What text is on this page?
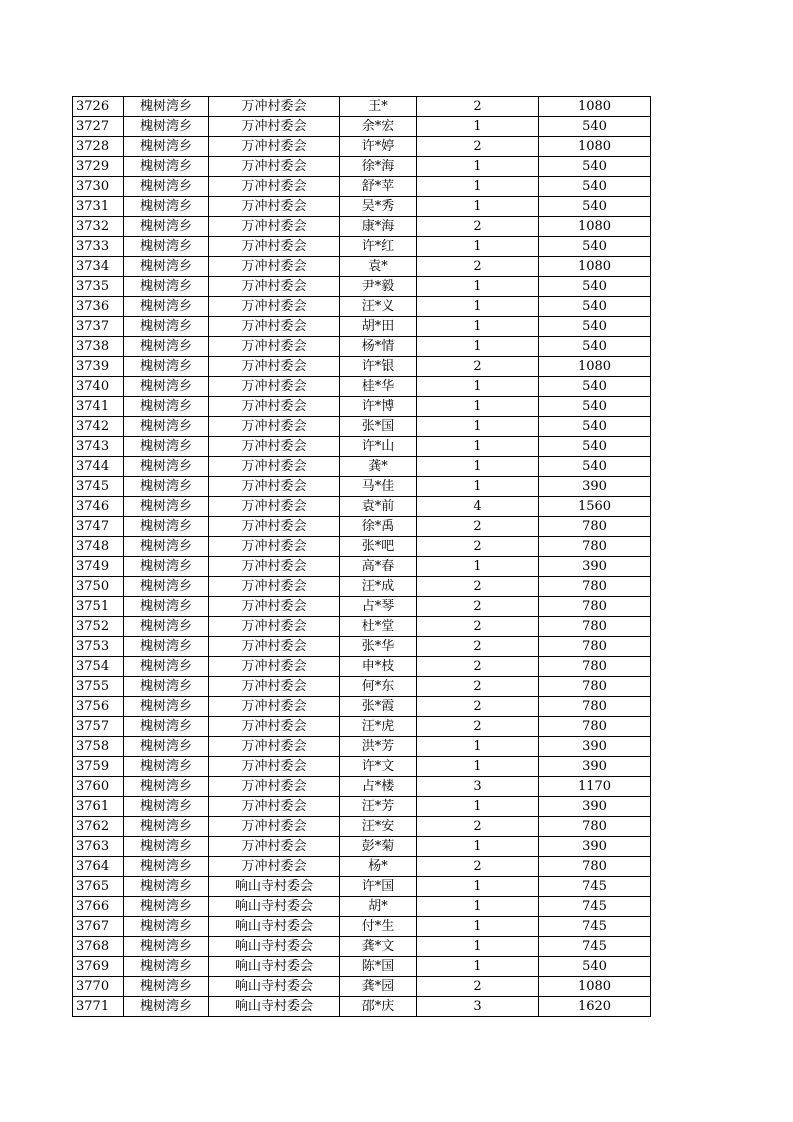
3726	槐树湾乡	万冲村委会	王*	2	1080
3727	槐树湾乡	万冲村委会	余*宏	1	540
3728	槐树湾乡	万冲村委会	许*婷	2	1080
3729	槐树湾乡	万冲村委会	徐*海	1	540
3730	槐树湾乡	万冲村委会	舒*苹	1	540
3731	槐树湾乡	万冲村委会	吴*秀	1	540
3732	槐树湾乡	万冲村委会	康*海	2	1080
3733	槐树湾乡	万冲村委会	许*红	1	540
3734	槐树湾乡	万冲村委会	袁*	2	1080
3735	槐树湾乡	万冲村委会	尹*毅	1	540
3736	槐树湾乡	万冲村委会	汪*义	1	540
3737	槐树湾乡	万冲村委会	胡*田	1	540
3738	槐树湾乡	万冲村委会	杨*情	1	540
3739	槐树湾乡	万冲村委会	许*银	2	1080
3740	槐树湾乡	万冲村委会	桂*华	1	540
3741	槐树湾乡	万冲村委会	许*博	1	540
3742	槐树湾乡	万冲村委会	张*国	1	540
3743	槐树湾乡	万冲村委会	许*山	1	540
3744	槐树湾乡	万冲村委会	龚*	1	540
3745	槐树湾乡	万冲村委会	马*佳	1	390
3746	槐树湾乡	万冲村委会	袁*前	4	1560
3747	槐树湾乡	万冲村委会	徐*禹	2	780
3748	槐树湾乡	万冲村委会	张*吧	2	780
3749	槐树湾乡	万冲村委会	高*春	1	390
3750	槐树湾乡	万冲村委会	汪*成	2	780
3751	槐树湾乡	万冲村委会	占*琴	2	780
3752	槐树湾乡	万冲村委会	杜*堂	2	780
3753	槐树湾乡	万冲村委会	张*华	2	780
3754	槐树湾乡	万冲村委会	申*枝	2	780
3755	槐树湾乡	万冲村委会	何*东	2	780
3756	槐树湾乡	万冲村委会	张*霞	2	780
3757	槐树湾乡	万冲村委会	汪*虎	2	780
3758	槐树湾乡	万冲村委会	洪*芳	1	390
3759	槐树湾乡	万冲村委会	许*文	1	390
3760	槐树湾乡	万冲村委会	占*楼	3	1170
3761	槐树湾乡	万冲村委会	汪*芳	1	390
3762	槐树湾乡	万冲村委会	汪*安	2	780
3763	槐树湾乡	万冲村委会	彭*菊	1	390
3764	槐树湾乡	万冲村委会	杨*	2	780
3765	槐树湾乡	响山寺村委会	许*国	1	745
3766	槐树湾乡	响山寺村委会	胡*	1	745
3767	槐树湾乡	响山寺村委会	付*生	1	745
3768	槐树湾乡	响山寺村委会	龚*文	1	745
3769	槐树湾乡	响山寺村委会	陈*国	1	540
3770	槐树湾乡	响山寺村委会	龚*园	2	1080
3771	槐树湾乡	响山寺村委会	邵*庆	3	1620
